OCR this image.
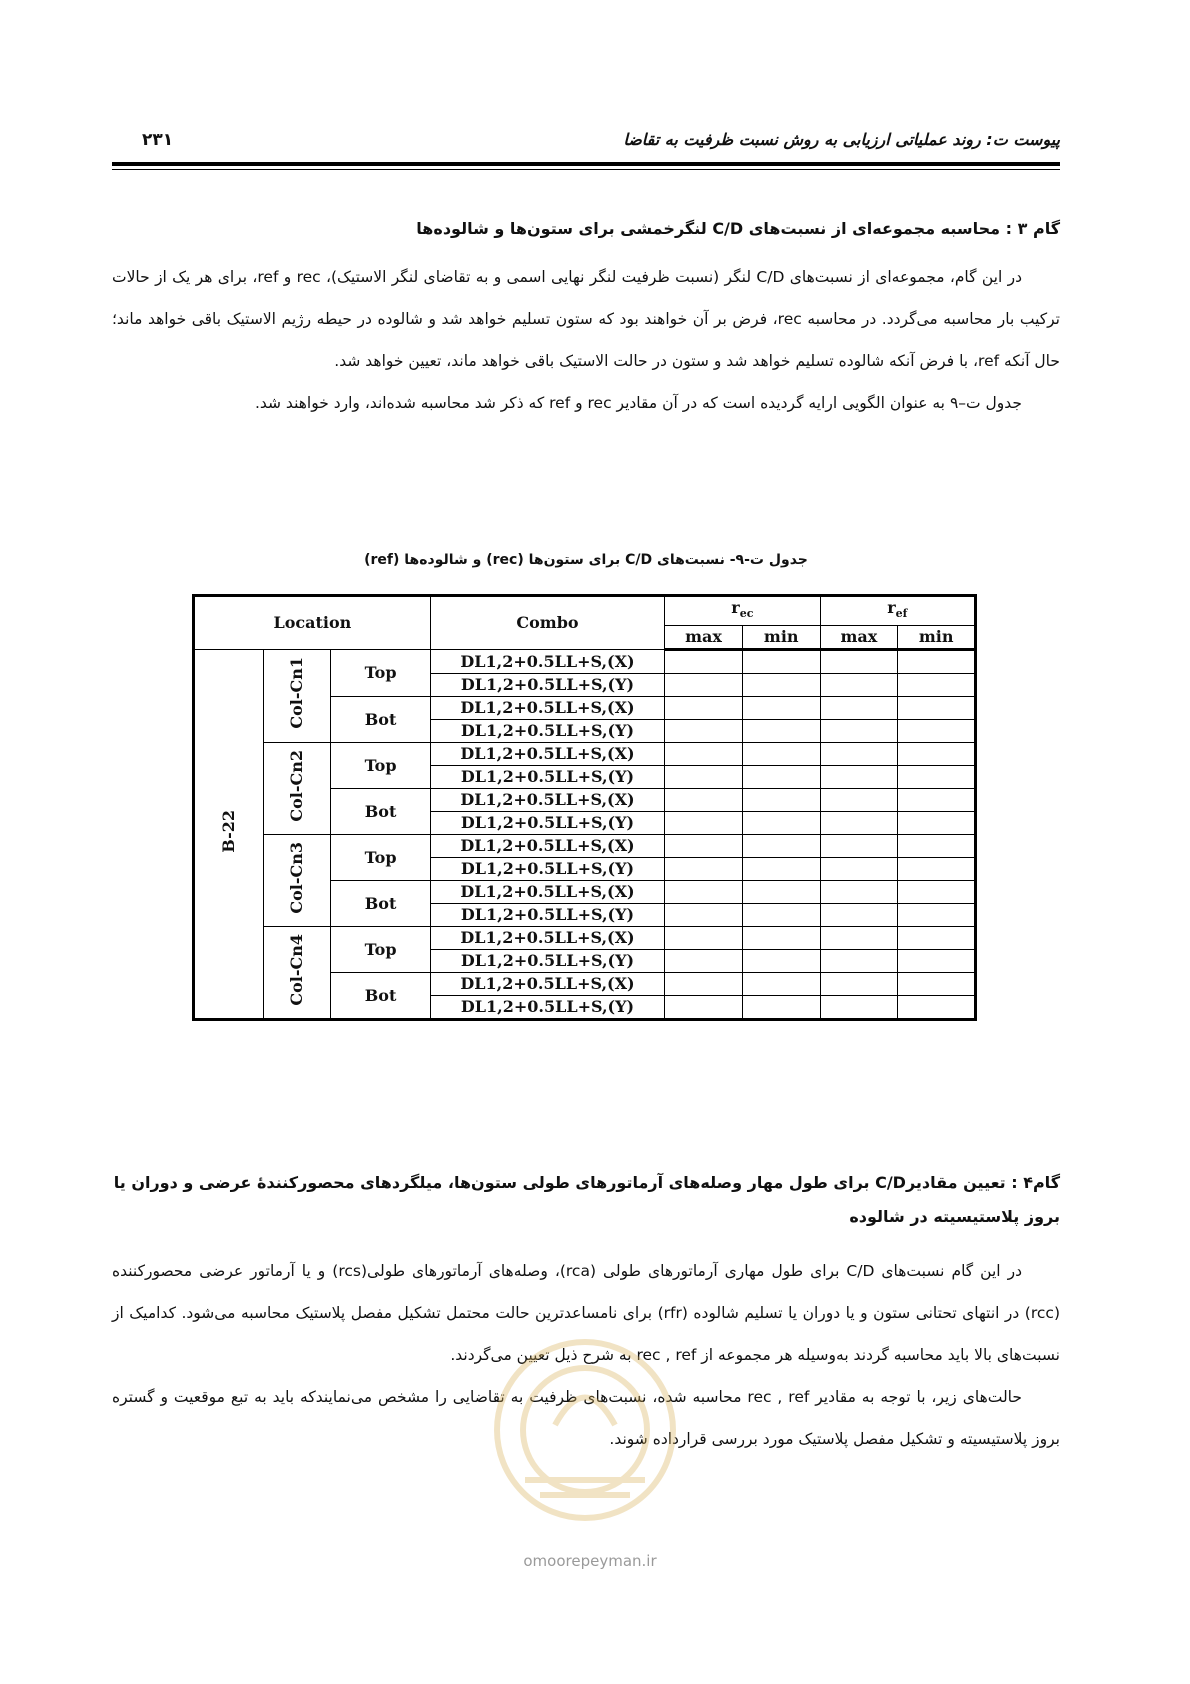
پیوست ت: روند عملیاتی ارزیابی به روش نسبت ظرفیت به تقاضا
۲۳۱
گام ۳ : محاسبه مجموعه‌ای از نسبت‌های C/D لنگرخمشی برای ستون‌ها و شالوده‌ها

در این گام، مجموعه‌ای از نسبت‌های C/D لنگر (نسبت ظرفیت لنگر نهایی اسمی و به تقاضای لنگر الاستیک)، rec و ref، برای هر یک از حالات ترکیب بار محاسبه می‌گردد. در محاسبه rec، فرض بر آن خواهند بود که ستون تسلیم خواهد شد و شالوده در حیطه رژیم الاستیک باقی خواهد ماند؛ حال آنکه ref، با فرض آنکه شالوده تسلیم خواهد شد و ستون در حالت الاستیک باقی خواهد ماند، تعیین خواهد شد.

جدول ت–۹ به عنوان الگویی ارایه گردیده است که در آن مقادیر rec و ref که ذکر شد محاسبه شده‌اند، وارد خواهند شد.

جدول ت-۹- نسبت‌های C/D برای ستون‌ها (rec) و شالوده‌ها (ref)
Location			Combo	$r_{ec}$		$r_{ef}$
				max	min	max	min
B-22	Col-Cn1	Top	DL1,2+0.5LL+S,(X)				
			DL1,2+0.5LL+S,(Y)				
		Bot	DL1,2+0.5LL+S,(X)				
			DL1,2+0.5LL+S,(Y)				
	Col-Cn2	Top	DL1,2+0.5LL+S,(X)				
			DL1,2+0.5LL+S,(Y)				
		Bot	DL1,2+0.5LL+S,(X)				
			DL1,2+0.5LL+S,(Y)				
	Col-Cn3	Top	DL1,2+0.5LL+S,(X)				
			DL1,2+0.5LL+S,(Y)				
		Bot	DL1,2+0.5LL+S,(X)				
			DL1,2+0.5LL+S,(Y)				
	Col-Cn4	Top	DL1,2+0.5LL+S,(X)				
			DL1,2+0.5LL+S,(Y)				
		Bot	DL1,2+0.5LL+S,(X)				
			DL1,2+0.5LL+S,(Y)				
گام۴ : تعیین مقادیرC/D برای طول مهار وصله‌های آرماتورهای طولی ستون‌ها، میلگردهای محصورکنندۀ عرضی و دوران یا بروز پلاستیسیته در شالوده

در این گام نسبت‌های C/D برای طول مهاری آرماتورهای طولی (rca)، وصله‌های آرماتورهای طولی(rcs) و یا آرماتور عرضی محصورکننده (rcc) در انتهای تحتانی ستون و یا دوران یا تسلیم شالوده (rfr) برای نامساعدترین حالت محتمل تشکیل مفصل پلاستیک محاسبه می‌شود. کدامیک از نسبت‌های بالا باید محاسبه گردند به‌وسیله هر مجموعه از rec , ref به شرح ذیل تعیین می‌گردند.

حالت‌های زیر، با توجه به مقادیر rec , ref محاسبه شده، نسبت‌های ظرفیت به تقاضایی را مشخص می‌نمایندکه باید به تبع موقعیت و گستره بروز پلاستیسیته و تشکیل مفصل پلاستیک مورد بررسی قرارداده شوند.

omoorepeyman.ir
